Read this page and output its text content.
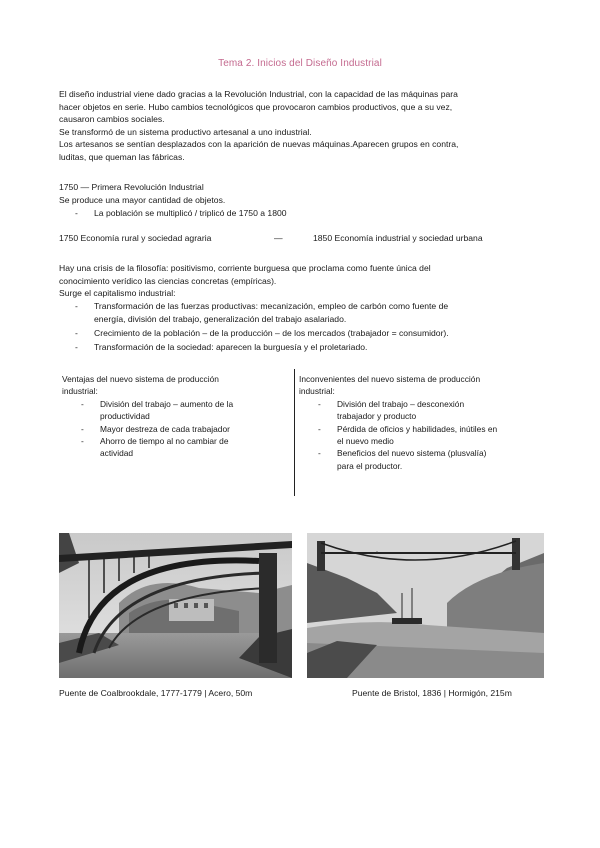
Tema 2. Inicios del Diseño Industrial
El diseño industrial viene dado gracias a la Revolución Industrial, con la capacidad de las máquinas para
hacer objetos en serie. Hubo cambios tecnológicos que provocaron cambios productivos, que a su vez,
causaron cambios sociales.
Se transformó de un sistema productivo artesanal a uno industrial.
Los artesanos se sentían desplazados con la aparición de nuevas máquinas.Aparecen grupos en contra,
luditas, que queman las fábricas.
1750 — Primera Revolución Industrial
Se produce una mayor cantidad de objetos.
- La población se multiplicó / triplicó de 1750 a 1800
1750 Economía rural y sociedad agraria	—	1850 Economía industrial y sociedad urbana
Hay una crisis de la filosofía: positivismo, corriente burguesa que proclama como fuente única del
conocimiento verídico las ciencias concretas (empíricas).
Surge el capitalismo industrial:
- Transformación de las fuerzas productivas: mecanización, empleo de carbón como fuente de
energía, división del trabajo, generalización del trabajo asalariado.
- Crecimiento de la población – de la producción – de los mercados (trabajador = consumidor).
- Transformación de la sociedad: aparecen la burguesía y el proletariado.
Ventajas del nuevo sistema de producción
industrial:
- División del trabajo – aumento de la
productividad
- Mayor destreza de cada trabajador
- Ahorro de tiempo al no cambiar de
actividad
Inconvenientes del nuevo sistema de producción
industrial:
- División del trabajo – desconexión
trabajador y producto
- Pérdida de oficios y habilidades, inútiles en
el nuevo medio
- Beneficios del nuevo sistema (plusvalía)
para el productor.
Puente de Coalbrookdale, 1777-1779 | Acero, 50m	Puente de Bristol, 1836 | Hormigón, 215m
